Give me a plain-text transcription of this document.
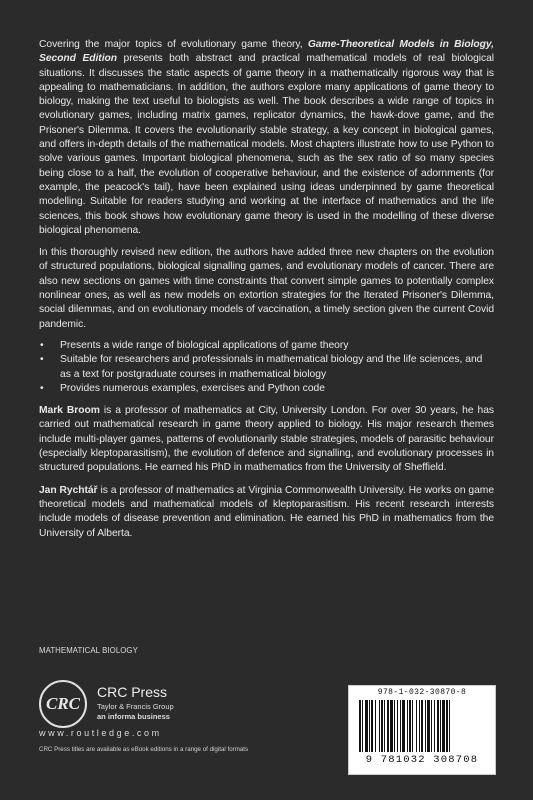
Covering the major topics of evolutionary game theory, Game-Theoretical Models in Biology, Second Edition presents both abstract and practical mathematical models of real biological situations. It discusses the static aspects of game theory in a mathematically rigorous way that is appealing to mathematicians. In addition, the authors explore many applications of game theory to biology, making the text useful to biologists as well. The book describes a wide range of topics in evolutionary games, including matrix games, replicator dynamics, the hawk-dove game, and the Prisoner's Dilemma. It covers the evolutionarily stable strategy, a key concept in biological games, and offers in-depth details of the mathematical models. Most chapters illustrate how to use Python to solve various games. Important biological phenomena, such as the sex ratio of so many species being close to a half, the evolution of cooperative behaviour, and the existence of adornments (for example, the peacock's tail), have been explained using ideas underpinned by game theoretical modelling. Suitable for readers studying and working at the interface of mathematics and the life sciences, this book shows how evolutionary game theory is used in the modelling of these diverse biological phenomena.

In this thoroughly revised new edition, the authors have added three new chapters on the evolution of structured populations, biological signalling games, and evolutionary models of cancer. There are also new sections on games with time constraints that convert simple games to potentially complex nonlinear ones, as well as new models on extortion strategies for the Iterated Prisoner's Dilemma, social dilemmas, and on evolutionary models of vaccination, a timely section given the current Covid pandemic.

• Presents a wide range of biological applications of game theory
• Suitable for researchers and professionals in mathematical biology and the life sciences, and as a text for postgraduate courses in mathematical biology
• Provides numerous examples, exercises and Python code

Mark Broom is a professor of mathematics at City, University London. For over 30 years, he has carried out mathematical research in game theory applied to biology. His major research themes include multi-player games, patterns of evolutionarily stable strategies, models of parasitic behaviour (especially kleptoparasitism), the evolution of defence and signalling, and evolutionary processes in structured populations. He earned his PhD in mathematics from the University of Sheffield.

Jan Rychtář is a professor of mathematics at Virginia Commonwealth University. He works on game theoretical models and mathematical models of kleptoparasitism. His recent research interests include models of disease prevention and elimination. He earned his PhD in mathematics from the University of Alberta.

MATHEMATICAL BIOLOGY
CRC
CRC Press
Taylor & Francis Group
an informa business
www.routledge.com
CRC Press titles are available as eBook editions in a range of digital formats
978-1-032-30870-8
9 781032 308708
